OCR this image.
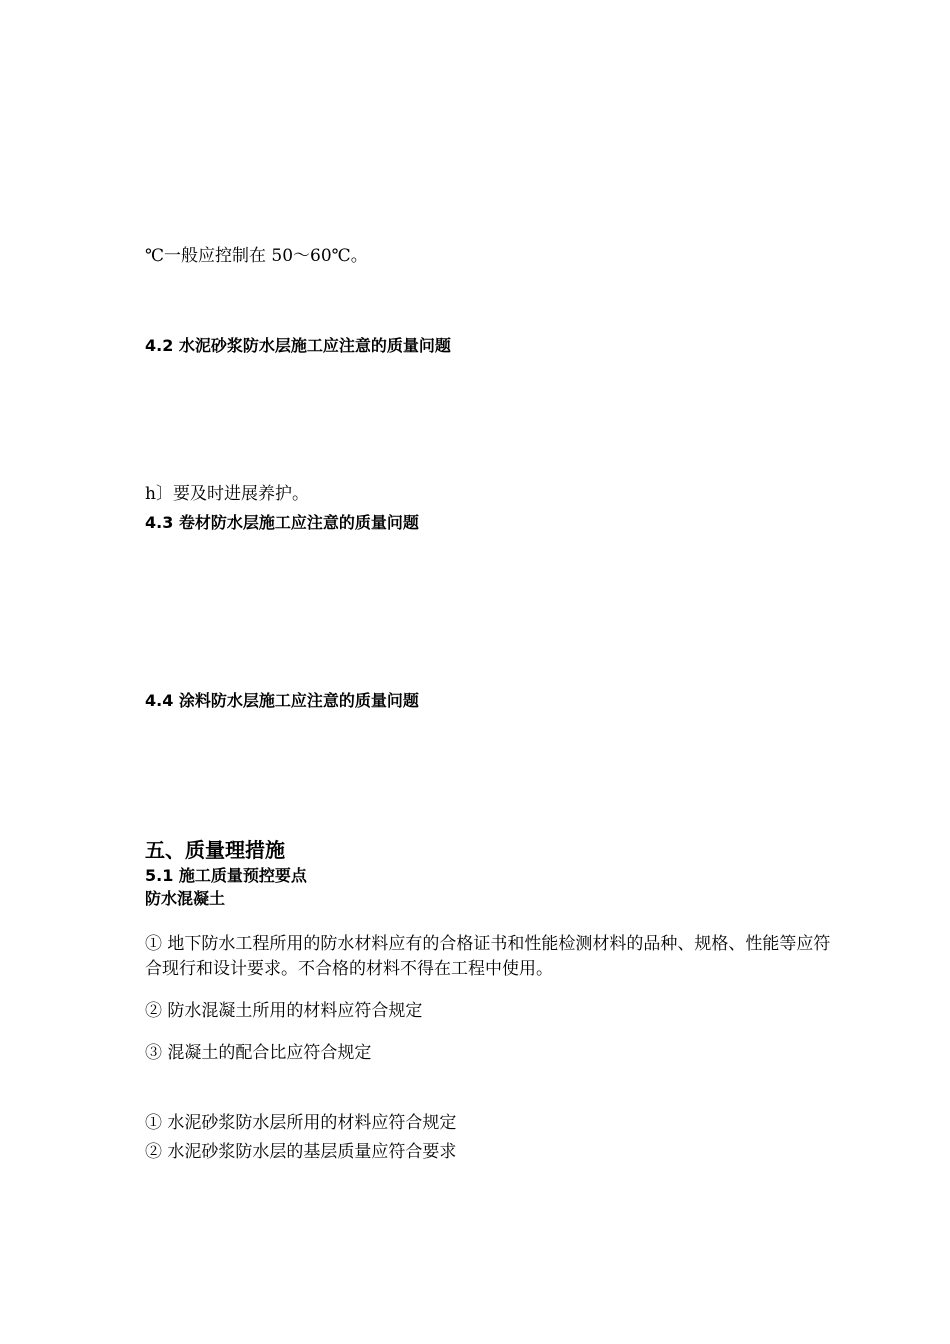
℃一般应控制在 50～60℃。
4.2 水泥砂浆防水层施工应注意的质量问题
h〕要及时进展养护。
4.3 卷材防水层施工应注意的质量问题
4.4 涂料防水层施工应注意的质量问题
五、质量理措施
5.1 施工质量预控要点
防水混凝土
① 地下防水工程所用的防水材料应有的合格证书和性能检测材料的品种、规格、性能等应符合现行和设计要求。不合格的材料不得在工程中使用。
② 防水混凝土所用的材料应符合规定
③ 混凝土的配合比应符合规定
① 水泥砂浆防水层所用的材料应符合规定
② 水泥砂浆防水层的基层质量应符合要求
